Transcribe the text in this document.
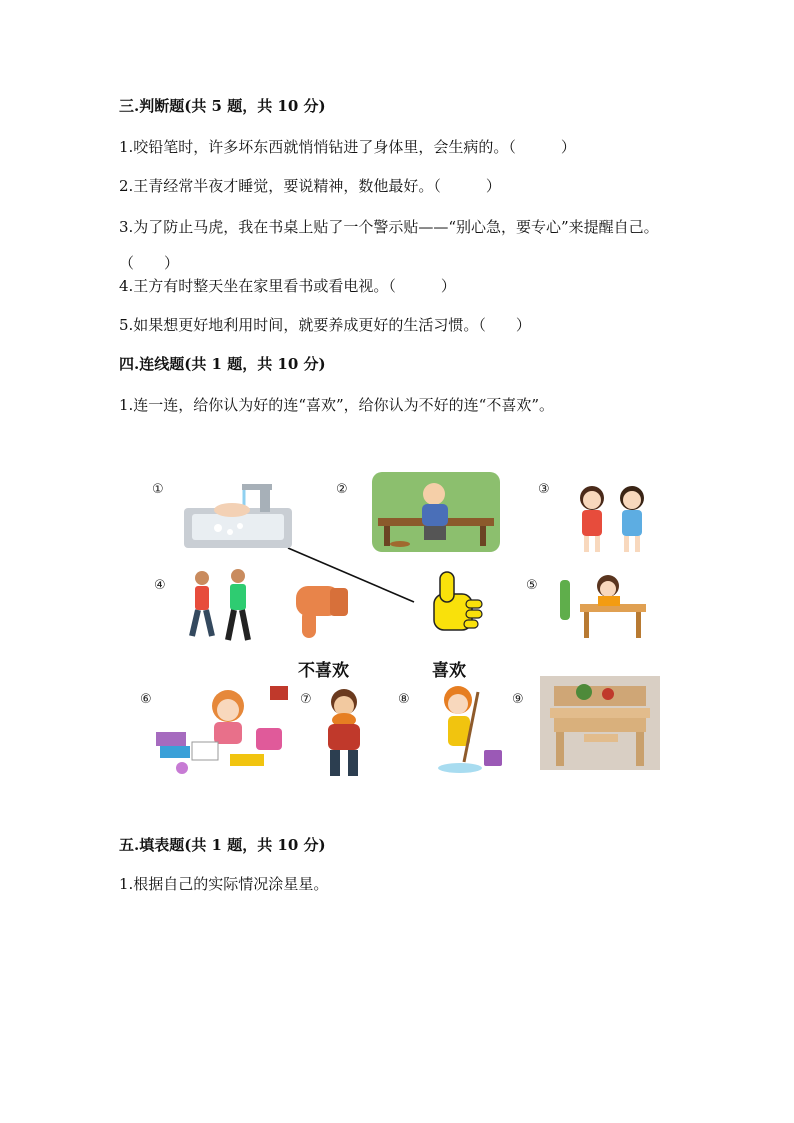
三.判断题(共 5 题，共 10 分)
1.咬铅笔时，许多坏东西就悄悄钻进了身体里，会生病的。（　　　）
2.王青经常半夜才睡觉，要说精神，数他最好。（　　　）
3.为了防止马虎，我在书桌上贴了一个警示贴——“别心急，要专心”来提醒自己。（　　）
4.王方有时整天坐在家里看书或看电视。（　　　）
5.如果想更好地利用时间，就要养成更好的生活习惯。（　　）
四.连线题(共 1 题，共 10 分)
1.连一连，给你认为好的连“喜欢”，给你认为不好的连“不喜欢”。
①	②	③
④
不喜欢	喜欢
⑤
⑥	⑦	⑧	⑨
五.填表题(共 1 题，共 10 分)
1.根据自己的实际情况涂星星。
